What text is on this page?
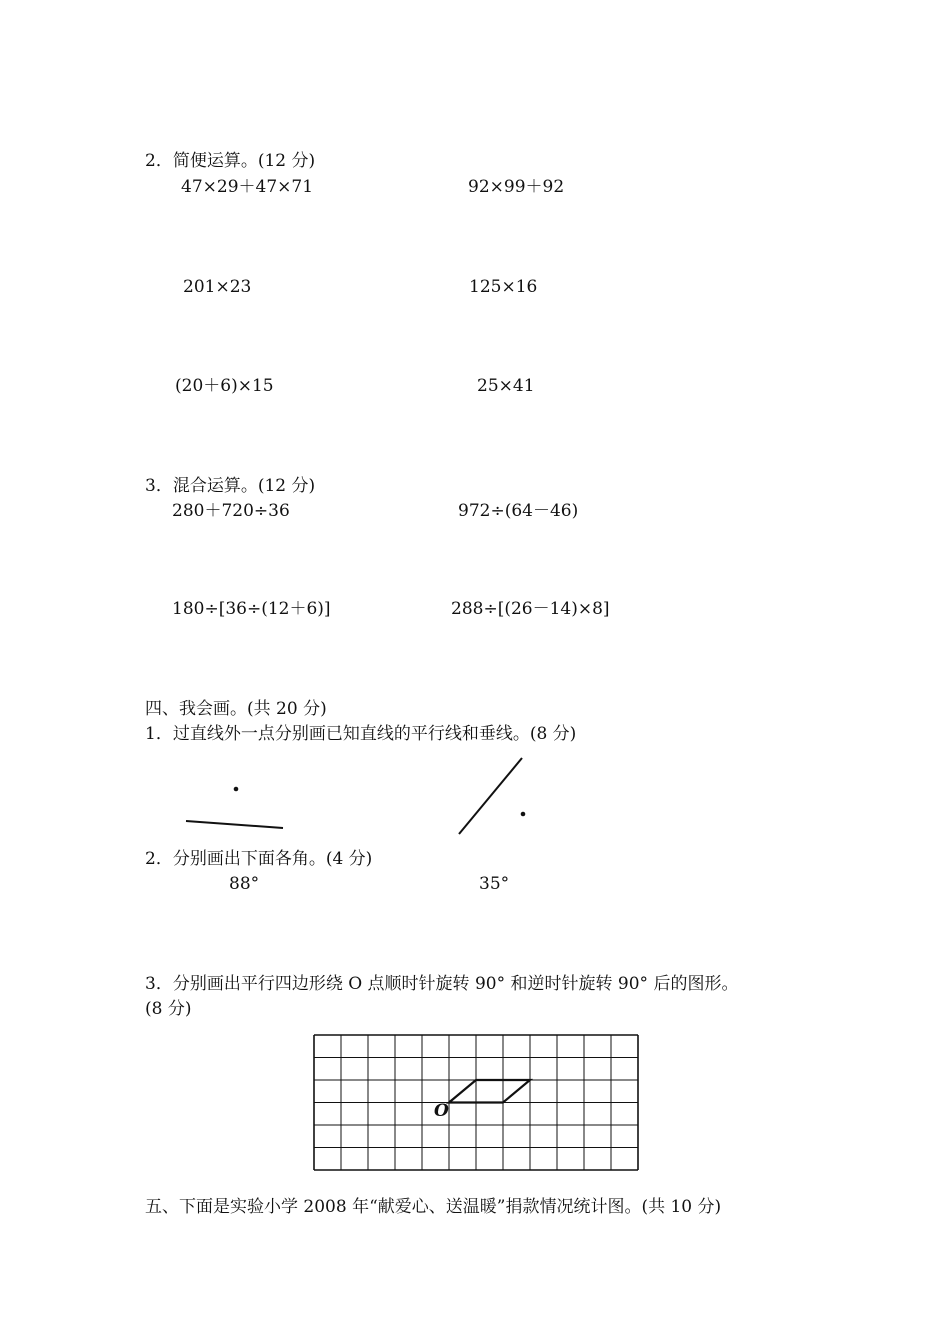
2．简便运算。(12 分)
47×29＋47×71	92×99＋92
201×23	125×16
(20＋6)×15	25×41
3．混合运算。(12 分)
280＋720÷36	972÷(64－46)
180÷[36÷(12＋6)]	288÷[(26－14)×8]
四、我会画。(共 20 分)
1．过直线外一点分别画已知直线的平行线和垂线。(8 分)
2．分别画出下面各角。(4 分)
88°	35°
3．分别画出平行四边形绕 O 点顺时针旋转 90° 和逆时针旋转 90° 后的图形。
(8 分)
O
五、下面是实验小学 2008 年“献爱心、送温暖”捐款情况统计图。(共 10 分)
